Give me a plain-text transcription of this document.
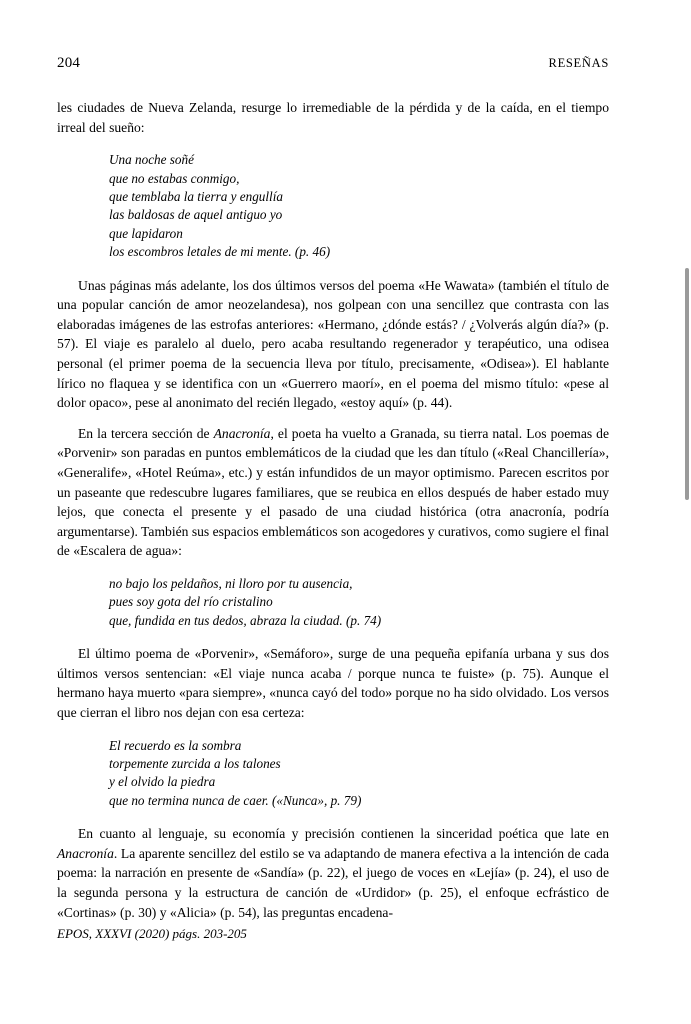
204	RESEÑAS

les ciudades de Nueva Zelanda, resurge lo irremediable de la pérdida y de la caída, en el tiempo irreal del sueño:

Una noche soñé
que no estabas conmigo,
que temblaba la tierra y engullía
las baldosas de aquel antiguo yo
que lapidaron
los escombros letales de mi mente. (p. 46)

Unas páginas más adelante, los dos últimos versos del poema «He Wawata» (también el título de una popular canción de amor neozelandesa), nos golpean con una sencillez que contrasta con las elaboradas imágenes de las estrofas anteriores: «Hermano, ¿dónde estás? / ¿Volverás algún día?» (p. 57). El viaje es paralelo al duelo, pero acaba resultando regenerador y terapéutico, una odisea personal (el primer poema de la secuencia lleva por título, precisamente, «Odisea»). El hablante lírico no flaquea y se identifica con un «Guerrero maorí», en el poema del mismo título: «pese al dolor opaco», pese al anonimato del recién llegado, «estoy aquí» (p. 44).

En la tercera sección de Anacronía, el poeta ha vuelto a Granada, su tierra natal. Los poemas de «Porvenir» son paradas en puntos emblemáticos de la ciudad que les dan título («Real Chancillería», «Generalife», «Hotel Reúma», etc.) y están infundidos de un mayor optimismo. Parecen escritos por un paseante que redescubre lugares familiares, que se reubica en ellos después de haber estado muy lejos, que conecta el presente y el pasado de una ciudad histórica (otra anacronía, podría argumentarse). También sus espacios emblemáticos son acogedores y curativos, como sugiere el final de «Escalera de agua»:

no bajo los peldaños, ni lloro por tu ausencia,
pues soy gota del río cristalino
que, fundida en tus dedos, abraza la ciudad. (p. 74)

El último poema de «Porvenir», «Semáforo», surge de una pequeña epifanía urbana y sus dos últimos versos sentencian: «El viaje nunca acaba / porque nunca te fuiste» (p. 75). Aunque el hermano haya muerto «para siempre», «nunca cayó del todo» porque no ha sido olvidado. Los versos que cierran el libro nos dejan con esa certeza:

El recuerdo es la sombra
torpemente zurcida a los talones
y el olvido la piedra
que no termina nunca de caer. («Nunca», p. 79)

En cuanto al lenguaje, su economía y precisión contienen la sinceridad poética que late en Anacronía. La aparente sencillez del estilo se va adaptando de manera efectiva a la intención de cada poema: la narración en presente de «Sandía» (p. 22), el juego de voces en «Lejía» (p. 24), el uso de la segunda persona y la estructura de canción de «Urdidor» (p. 25), el enfoque ecfrástico de «Cortinas» (p. 30) y «Alicia» (p. 54), las preguntas encadena-

EPOS, XXXVI (2020) págs. 203-205
